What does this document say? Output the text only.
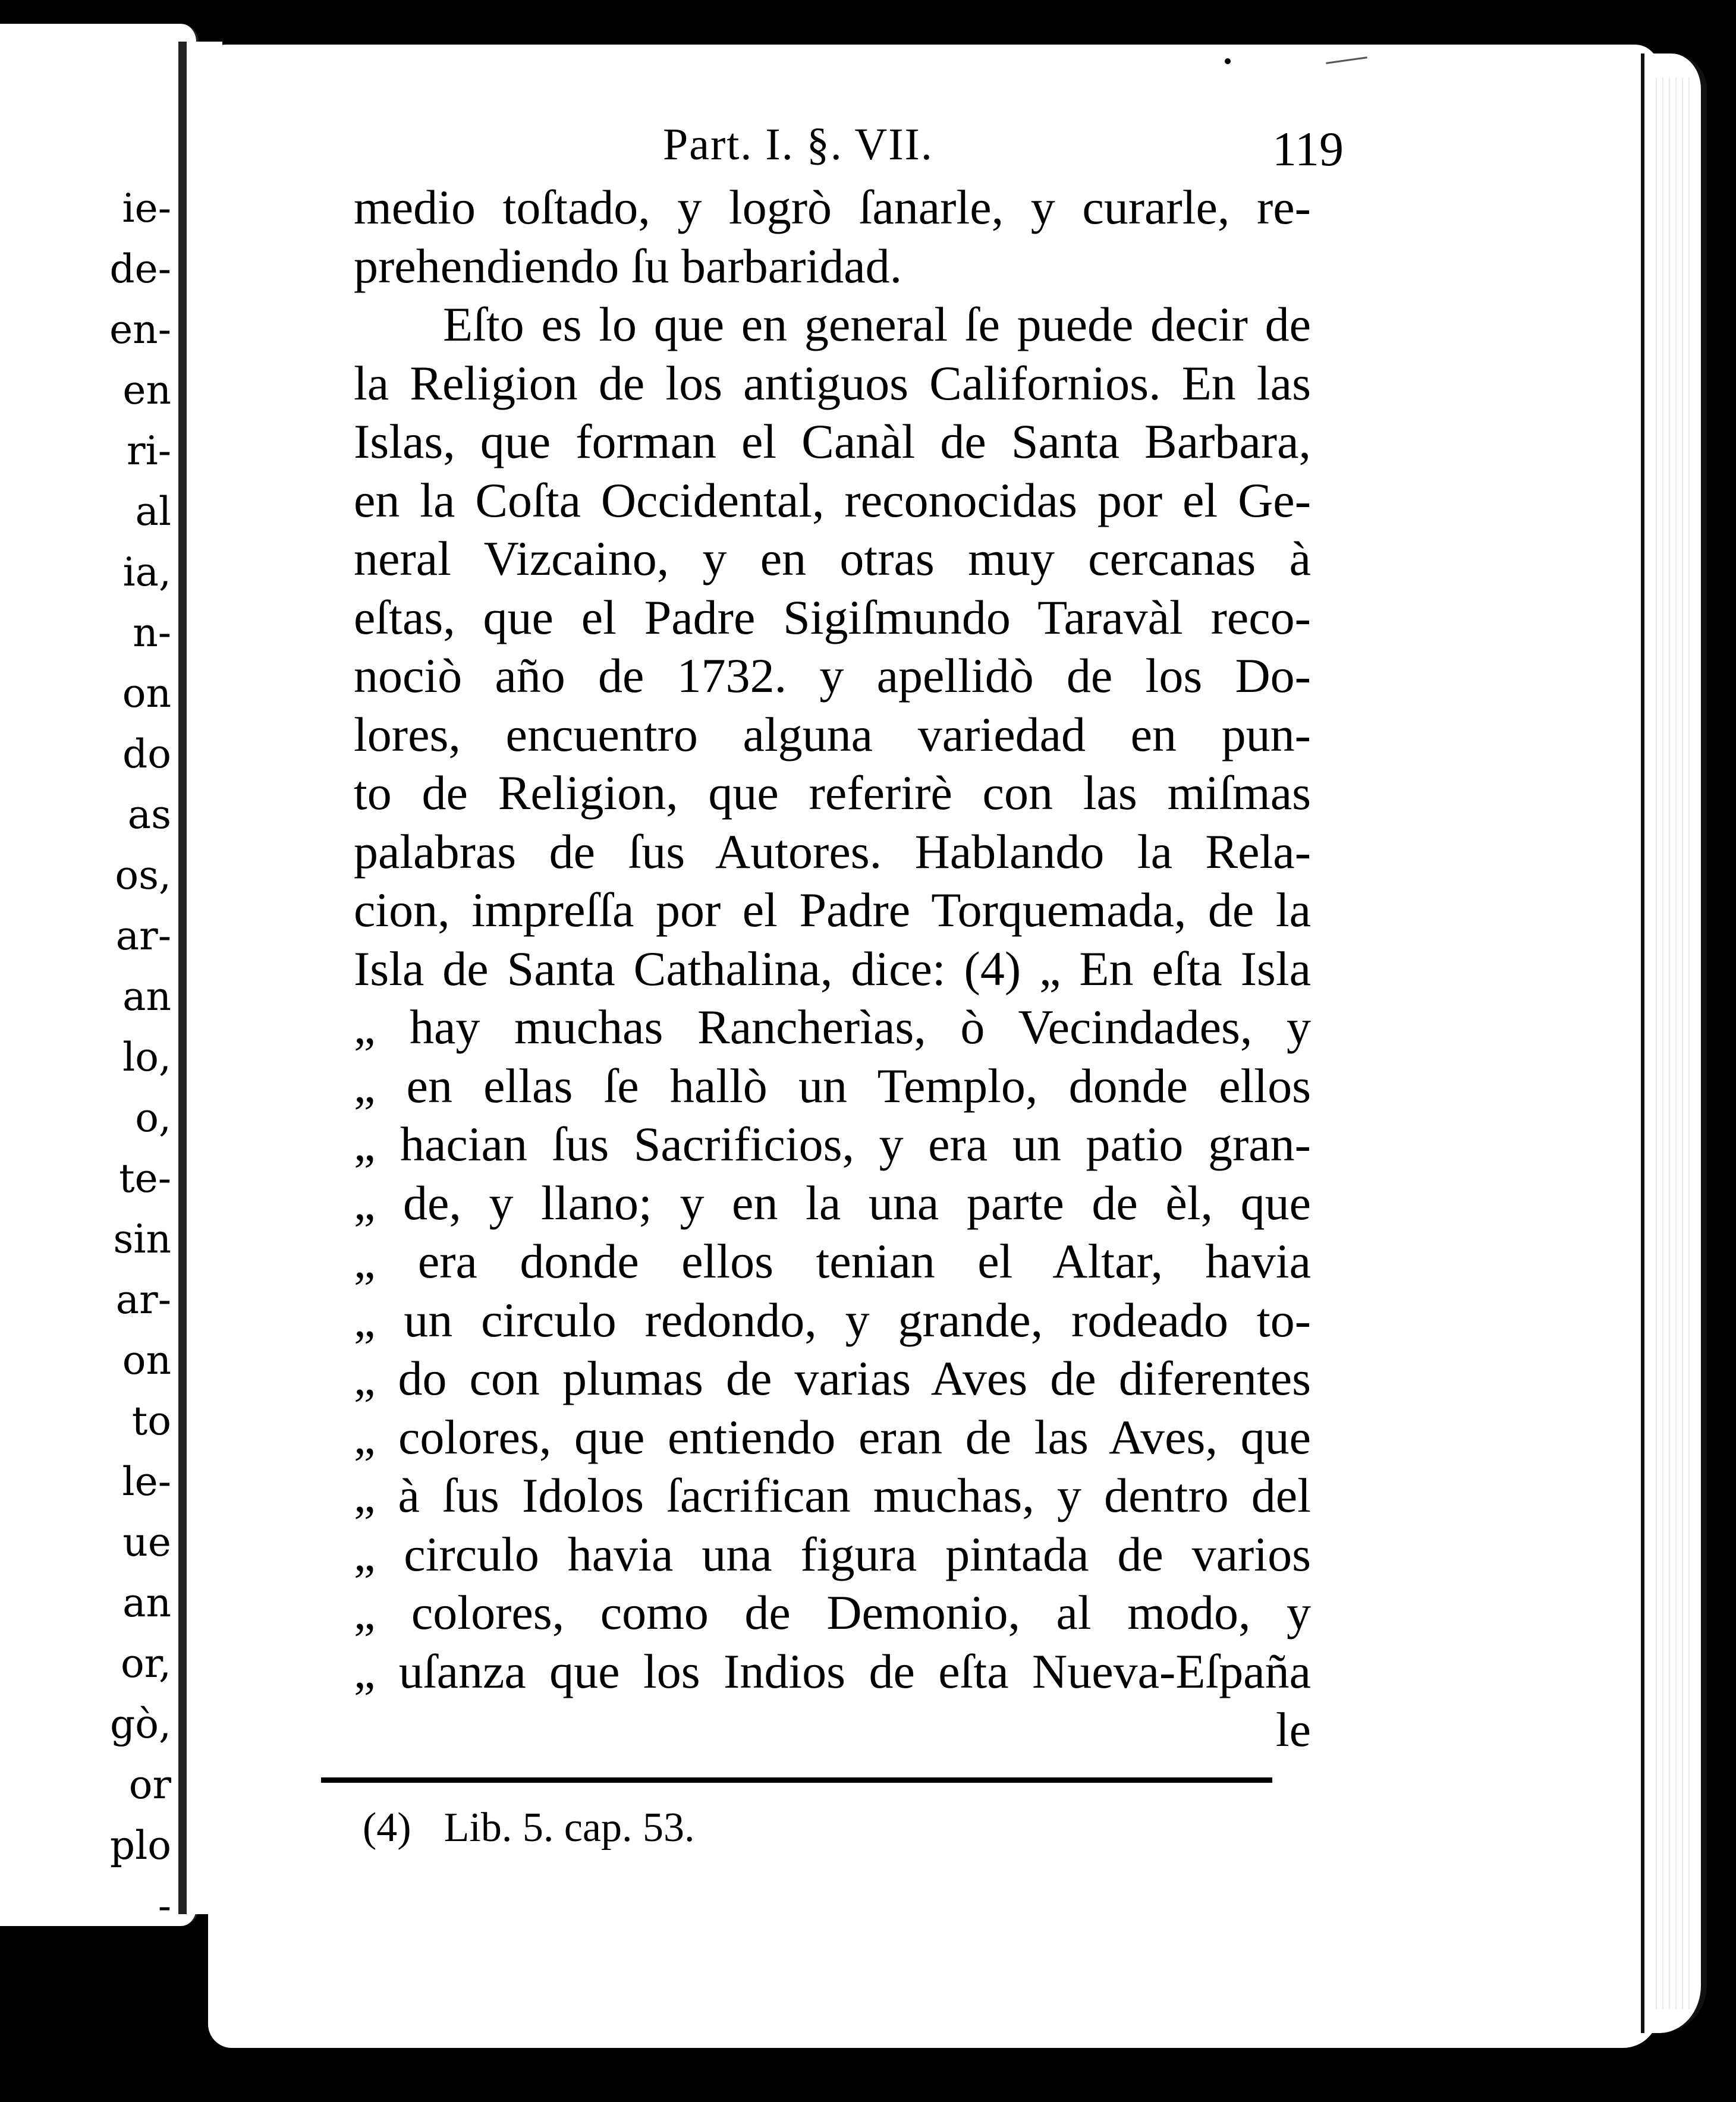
ie-
de-
en-
en
ri-
al
ia,
n-
on
do
as
os,
ar-
an
lo,
o,
te-
sin
ar-
on
to
le-
ue
an
or,
gò,
or
plo
-
Part. I. §. VII.	119
medio toſtado, y logrò ſanarle, y curarle, re-
prehendiendo ſu barbaridad.
Eſto es lo que en general ſe puede decir de
la Religion de los antiguos Californios. En las
Islas, que forman el Canàl de Santa Barbara,
en la Coſta Occidental, reconocidas por el Ge-
neral Vizcaino, y en otras muy cercanas à
eſtas, que el Padre Sigiſmundo Taravàl reco-
nociò año de 1732. y apellidò de los Do-
lores, encuentro alguna variedad en pun-
to de Religion, que referirè con las miſmas
palabras de ſus Autores. Hablando la Rela-
cion, impreſſa por el Padre Torquemada, de la
Isla de Santa Cathalina, dice: (4) „ En eſta Isla
„ hay muchas Rancherìas, ò Vecindades, y
„ en ellas ſe hallò un Templo, donde ellos
„ hacian ſus Sacrificios, y era un patio gran-
„ de, y llano; y en la una parte de èl, que
„ era donde ellos tenian el Altar, havia
„ un circulo redondo, y grande, rodeado to-
„ do con plumas de varias Aves de diferentes
„ colores, que entiendo eran de las Aves, que
„ à ſus Idolos ſacrifican muchas, y dentro del
„ circulo havia una figura pintada de varios
„ colores, como de Demonio, al modo, y
„ uſanza que los Indios de eſta Nueva-Eſpaña
le
(4) Lib. 5. cap. 53.
